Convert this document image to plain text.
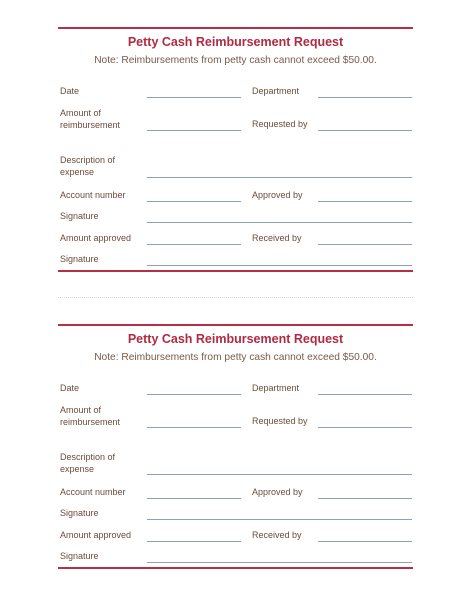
Petty Cash Reimbursement Request
Note: Reimbursements from petty cash cannot exceed $50.00.
Date	Department
Amount of reimbursement	Requested by
Description of expense
Account number	Approved by
Signature
Amount approved	Received by
Signature
Petty Cash Reimbursement Request
Note: Reimbursements from petty cash cannot exceed $50.00.
Date	Department
Amount of reimbursement	Requested by
Description of expense
Account number	Approved by
Signature
Amount approved	Received by
Signature
